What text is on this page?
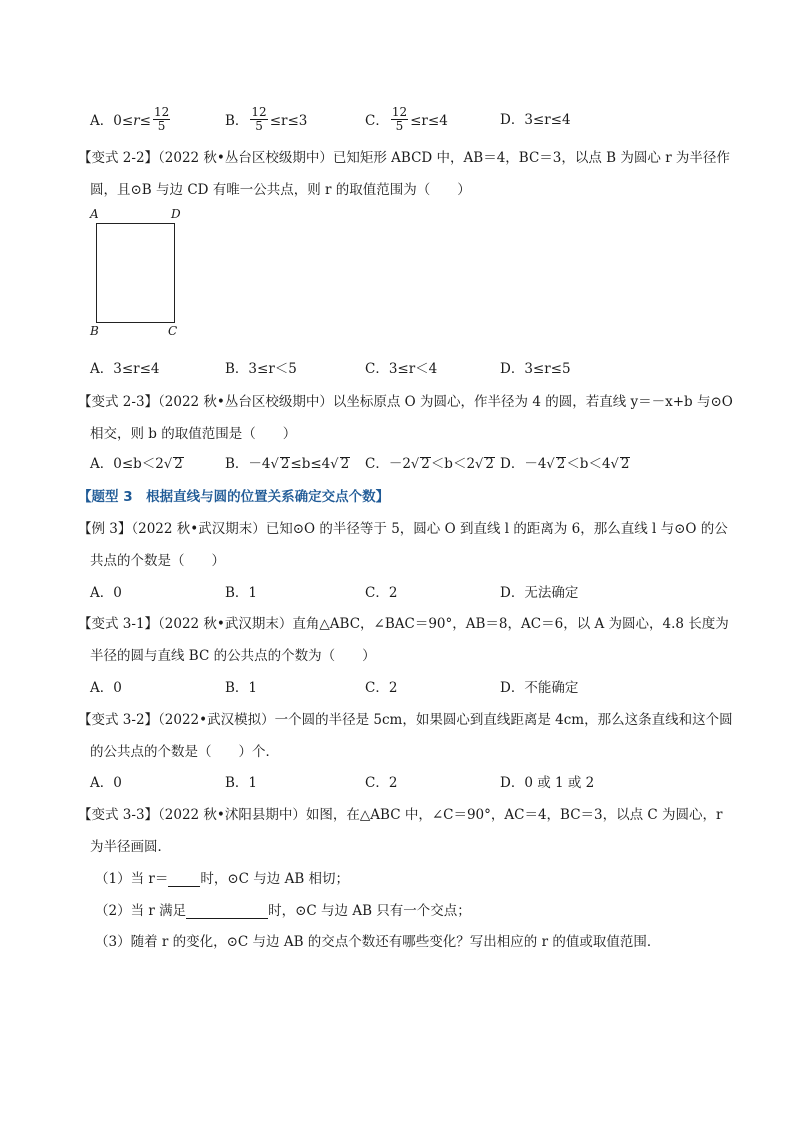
A．$0\le r\le \frac{12}{5}$	B． $\frac{12}{5} \le r\le 3$	C． $\frac{12}{5} \le r\le 4$	D．3≤r≤4
【变式 2-2】（2022 秋•丛台区校级期中）已知矩形 ABCD 中，AB＝4，BC＝3，以点 B 为圆心 r 为半径作
圆，且⊙B 与边 CD 有唯一公共点，则 r 的取值范围为（　　）
A	D
B	C
A．3≤r≤4	B．3≤r＜5	C．3≤r＜4	D．3≤r≤5
【变式 2-3】（2022 秋•丛台区校级期中）以坐标原点 O 为圆心，作半径为 4 的圆，若直线 y＝－x+b 与⊙O
相交，则 b 的取值范围是（　　）
A．0≤b＜2√ 2	B．－4√ 2≤b≤4√ 2 C．－2√ 2＜b＜2√ 2 D．－4√ 2＜b＜4√ 2
【题型 3　根据直线与圆的位置关系确定交点个数】
【例 3】（2022 秋•武汉期末）已知⊙O 的半径等于 5，圆心 O 到直线 l 的距离为 6，那么直线 l 与⊙O 的公
共点的个数是（　　）
A．0	B．1	C．2	D．无法确定
【变式 3-1】（2022 秋•武汉期末）直角△ABC，∠BAC＝90°，AB＝8，AC＝6，以 A 为圆心，4.8 长度为
半径的圆与直线 BC 的公共点的个数为（　　）
A．0	B．1	C．2	D．不能确定
【变式 3-2】（2022•武汉模拟）一个圆的半径是 5cm，如果圆心到直线距离是 4cm，那么这条直线和这个圆
的公共点的个数是（　　）个．
A．0	B．1	C．2	D．0 或 1 或 2
【变式 3-3】（2022 秋•沭阳县期中）如图，在△ABC 中，∠C＝90°，AC＝4，BC＝3，以点 C 为圆心，r
为半径画圆．
（1）当 r＝ 时，⊙C 与边 AB 相切；
（2）当 r 满足	时，⊙C 与边 AB 只有一个交点；
（3）随着 r 的变化，⊙C 与边 AB 的交点个数还有哪些变化？写出相应的 r 的值或取值范围．
